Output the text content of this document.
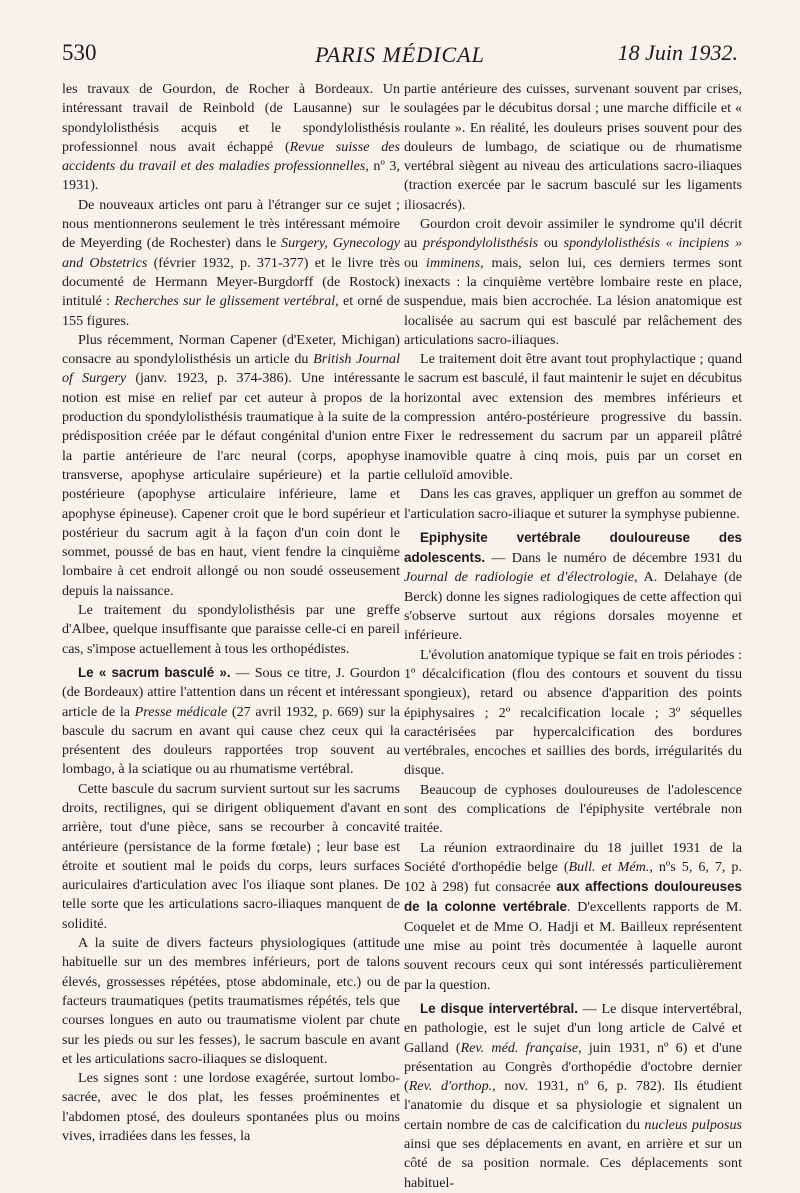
530	PARIS MÉDICAL	18 Juin 1932.

les travaux de Gourdon, de Rocher à Bordeaux. Un intéressant travail de Reinbold (de Lausanne) sur le spondylolisthésis acquis et le spondylolisthésis professionnel nous avait échappé (Revue suisse des accidents du travail et des maladies professionnelles, nº 3, 1931).

De nouveaux articles ont paru à l'étranger sur ce sujet ; nous mentionnerons seulement le très intéressant mémoire de Meyerding (de Rochester) dans le Surgery, Gynecology and Obstetrics (février 1932, p. 371-377) et le livre très documenté de Hermann Meyer-Burgdorff (de Rostock) intitulé : Recherches sur le glissement vertébral, et orné de 155 figures.

Plus récemment, Norman Capener (d'Exeter, Michigan) consacre au spondylolisthésis un article du British Journal of Surgery (janv. 1923, p. 374-386). Une intéressante notion est mise en relief par cet auteur à propos de la production du spondylolisthésis traumatique à la suite de la prédisposition créée par le défaut congénital d'union entre la partie antérieure de l'arc neural (corps, apophyse transverse, apophyse articulaire supérieure) et la partie postérieure (apophyse articulaire inférieure, lame et apophyse épineuse). Capener croit que le bord supérieur et postérieur du sacrum agit à la façon d'un coin dont le sommet, poussé de bas en haut, vient fendre la cinquième lombaire à cet endroit allongé ou non soudé osseusement depuis la naissance.

Le traitement du spondylolisthésis par une greffe d'Albee, quelque insuffisante que paraisse celle-ci en pareil cas, s'impose actuellement à tous les orthopédistes.

Le « sacrum basculé ». — Sous ce titre, J. Gourdon (de Bordeaux) attire l'attention dans un récent et intéressant article de la Presse médicale (27 avril 1932, p. 669) sur la bascule du sacrum en avant qui cause chez ceux qui la présentent des douleurs rapportées trop souvent au lombago, à la sciatique ou au rhumatisme vertébral.

Cette bascule du sacrum survient surtout sur les sacrums droits, rectilignes, qui se dirigent obliquement d'avant en arrière, tout d'une pièce, sans se recourber à concavité antérieure (persistance de la forme fœtale) ; leur base est étroite et soutient mal le poids du corps, leurs surfaces auriculaires d'articulation avec l'os iliaque sont planes. De telle sorte que les articulations sacro-iliaques manquent de solidité.

A la suite de divers facteurs physiologiques (attitude habituelle sur un des membres inférieurs, port de talons élevés, grossesses répétées, ptose abdominale, etc.) ou de facteurs traumatiques (petits traumatismes répétés, tels que courses longues en auto ou traumatisme violent par chute sur les pieds ou sur les fesses), le sacrum bascule en avant et les articulations sacro-iliaques se disloquent.

Les signes sont : une lordose exagérée, surtout lombo-sacrée, avec le dos plat, les fesses proéminentes et l'abdomen ptosé, des douleurs spontanées plus ou moins vives, irradiées dans les fesses, la

partie antérieure des cuisses, survenant souvent par crises, soulagées par le décubitus dorsal ; une marche difficile et « roulante ». En réalité, les douleurs prises souvent pour des douleurs de lumbago, de sciatique ou de rhumatisme vertébral siègent au niveau des articulations sacro-iliaques (traction exercée par le sacrum basculé sur les ligaments iliosacrés).

Gourdon croit devoir assimiler le syndrome qu'il décrit au préspondylolisthésis ou spondylolisthésis « incipiens » ou imminens, mais, selon lui, ces derniers termes sont inexacts : la cinquième vertèbre lombaire reste en place, suspendue, mais bien accrochée. La lésion anatomique est localisée au sacrum qui est basculé par relâchement des articulations sacro-iliaques.

Le traitement doit être avant tout prophylactique ; quand le sacrum est basculé, il faut maintenir le sujet en décubitus horizontal avec extension des membres inférieurs et compression antéro-postérieure progressive du bassin. Fixer le redressement du sacrum par un appareil plâtré inamovible quatre à cinq mois, puis par un corset en celluloïd amovible.

Dans les cas graves, appliquer un greffon au sommet de l'articulation sacro-iliaque et suturer la symphyse pubienne.

Epiphysite vertébrale douloureuse des adolescents. — Dans le numéro de décembre 1931 du Journal de radiologie et d'électrologie, A. Delahaye (de Berck) donne les signes radiologiques de cette affection qui s'observe surtout aux régions dorsales moyenne et inférieure.

L'évolution anatomique typique se fait en trois périodes : 1º décalcification (flou des contours et souvent du tissu spongieux), retard ou absence d'apparition des points épiphysaires ; 2º recalcification locale ; 3º séquelles caractérisées par hypercalcification des bordures vertébrales, encoches et saillies des bords, irrégularités du disque.

Beaucoup de cyphoses douloureuses de l'adolescence sont des complications de l'épiphysite vertébrale non traitée.

La réunion extraordinaire du 18 juillet 1931 de la Société d'orthopédie belge (Bull. et Mém., nºs 5, 6, 7, p. 102 à 298) fut consacrée aux affections douloureuses de la colonne vertébrale. D'excellents rapports de M. Coquelet et de Mme O. Hadji et M. Bailleux représentent une mise au point très documentée à laquelle auront souvent recours ceux qui sont intéressés particulièrement par la question.

Le disque intervertébral. — Le disque intervertébral, en pathologie, est le sujet d'un long article de Calvé et Galland (Rev. méd. française, juin 1931, nº 6) et d'une présentation au Congrès d'orthopédie d'octobre dernier (Rev. d'orthop., nov. 1931, nº 6, p. 782). Ils étudient l'anatomie du disque et sa physiologie et signalent un certain nombre de cas de calcification du nucleus pulposus ainsi que ses déplacements en avant, en arrière et sur un côté de sa position normale. Ces déplacements sont habituel-
